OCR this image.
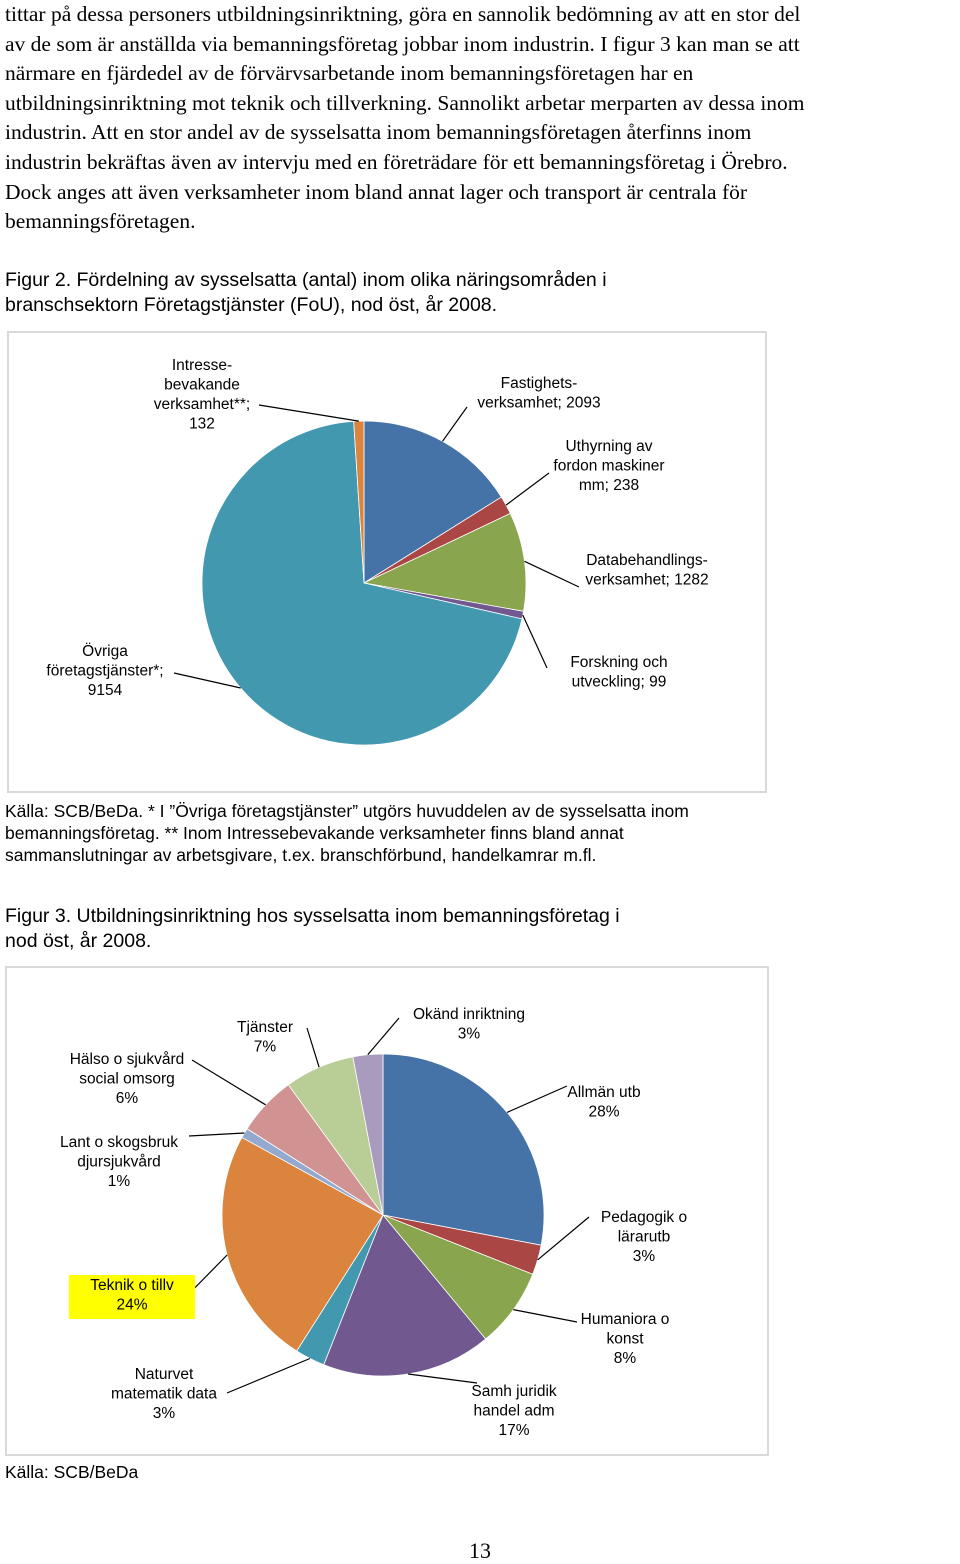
tittar på dessa personers utbildningsinriktning, göra en sannolik bedömning av att en stor del
av de som är anställda via bemanningsföretag jobbar inom industrin. I figur 3 kan man se att
närmare en fjärdedel av de förvärvsarbetande inom bemanningsföretagen har en
utbildningsinriktning mot teknik och tillverkning. Sannolikt arbetar merparten av dessa inom
industrin. Att en stor andel av de sysselsatta inom bemanningsföretagen återfinns inom
industrin bekräftas även av intervju med en företrädare för ett bemanningsföretag i Örebro.
Dock anges att även verksamheter inom bland annat lager och transport är centrala för
bemanningsföretagen.
Figur 2. Fördelning av sysselsatta (antal) inom olika näringsområden i
branschsektorn Företagstjänster (FoU), nod öst, år 2008.
Fastighets-
verksamhet; 2093
Uthyrning av
fordon maskiner
mm; 238
Databehandlings-
verksamhet; 1282
Forskning och
utveckling; 99
Övriga
företagstjänster*;
9154
Intresse-
bevakande
verksamhet**;
132
Källa: SCB/BeDa. * I ”Övriga företagstjänster” utgörs huvuddelen av de sysselsatta inom
bemanningsföretag. ** Inom Intressebevakande verksamheter finns bland annat
sammanslutningar av arbetsgivare, t.ex. branschförbund, handelkamrar m.fl.
Figur 3. Utbildningsinriktning hos sysselsatta inom bemanningsföretag i
nod öst, år 2008.
Allmän utb
28%
Pedagogik o
lärarutb
3%
Humaniora o
konst
8%
Samh juridik
handel adm
17%
Naturvet
matematik data
3%
Teknik o tillv
24%
Lant o skogsbruk
djursjukvård
1%
Hälso o sjukvård
social omsorg
6%
Tjänster
7%
Okänd inriktning
3%
Källa: SCB/BeDa
13
